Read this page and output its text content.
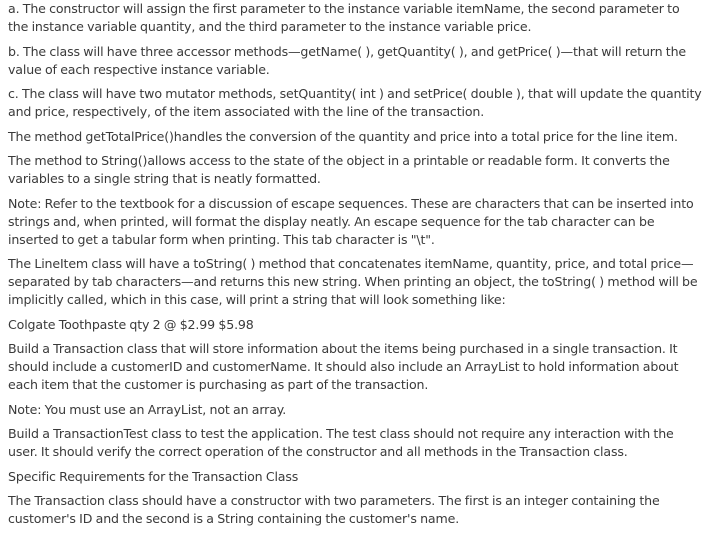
a. The constructor will assign the first parameter to the instance variable itemName, the second parameter to the instance variable quantity, and the third parameter to the instance variable price.

b. The class will have three accessor methods—getName( ), getQuantity( ), and getPrice( )—that will return the value of each respective instance variable.

c. The class will have two mutator methods, setQuantity( int ) and setPrice( double ), that will update the quantity and price, respectively, of the item associated with the line of the transaction.

The method getTotalPrice()handles the conversion of the quantity and price into a total price for the line item.

The method to String()allows access to the state of the object in a printable or readable form. It converts the variables to a single string that is neatly formatted.

Note: Refer to the textbook for a discussion of escape sequences. These are characters that can be inserted into strings and, when printed, will format the display neatly. An escape sequence for the tab character can be inserted to get a tabular form when printing. This tab character is "\t".

The LineItem class will have a toString( ) method that concatenates itemName, quantity, price, and total price—separated by tab characters—and returns this new string. When printing an object, the toString( ) method will be implicitly called, which in this case, will print a string that will look something like:

Colgate Toothpaste qty 2 @ $2.99 $5.98

Build a Transaction class that will store information about the items being purchased in a single transaction. It should include a customerID and customerName. It should also include an ArrayList to hold information about each item that the customer is purchasing as part of the transaction.

Note: You must use an ArrayList, not an array.

Build a TransactionTest class to test the application. The test class should not require any interaction with the user. It should verify the correct operation of the constructor and all methods in the Transaction class.

Specific Requirements for the Transaction Class

The Transaction class should have a constructor with two parameters. The first is an integer containing the customer's ID and the second is a String containing the customer's name.
